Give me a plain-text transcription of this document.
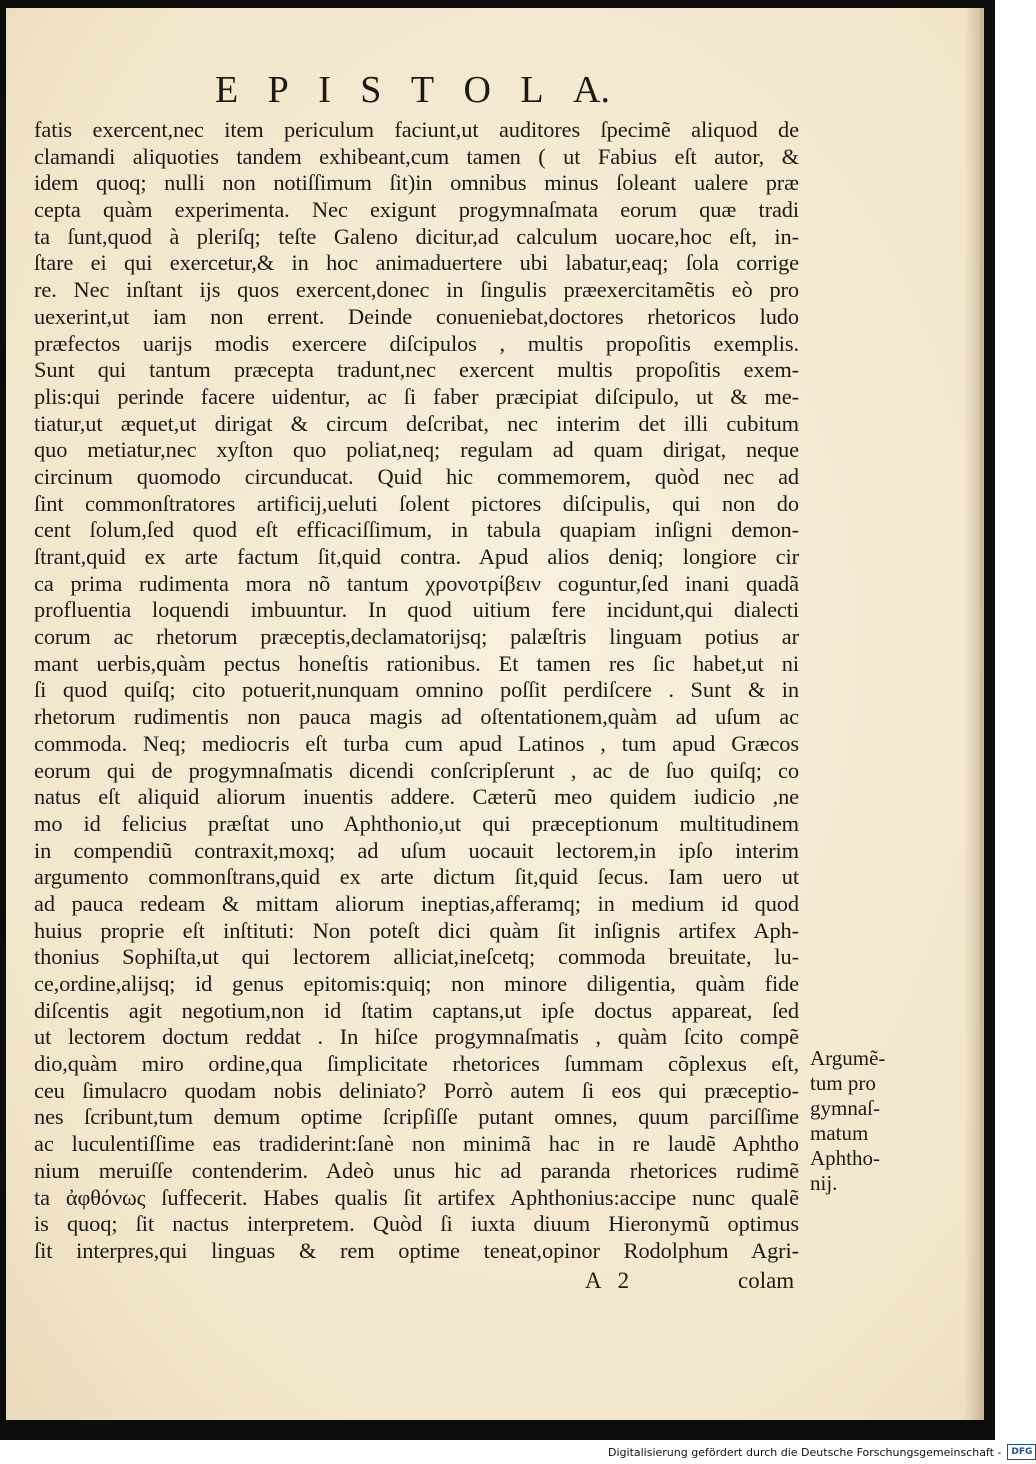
E P I S T O L A.
fatis exercent,nec item periculum faciunt,ut auditores ſpecimẽ aliquod de
clamandi aliquoties tandem exhibeant,cum tamen ( ut Fabius eſt autor, &
idem quoq; nulli non notiſſimum ſit)in omnibus minus ſoleant ualere præ
cepta quàm experimenta. Nec exigunt progymnaſmata eorum quæ tradi
ta ſunt,quod à pleriſq; teſte Galeno dicitur,ad calculum uocare,hoc eſt, in-
ſtare ei qui exercetur,& in hoc animaduertere ubi labatur,eaq; ſola corrige
re. Nec inſtant ijs quos exercent,donec in ſingulis præexercitamẽtis eò pro
uexerint,ut iam non errent. Deinde conueniebat,doctores rhetoricos ludo
præfectos uarijs modis exercere diſcipulos , multis propoſitis exemplis.
Sunt qui tantum præcepta tradunt,nec exercent multis propoſitis exem-
plis:qui perinde facere uidentur, ac ſi faber præcipiat diſcipulo, ut & me-
tiatur,ut æquet,ut dirigat & circum deſcribat, nec interim det illi cubitum
quo metiatur,nec xyſton quo poliat,neq; regulam ad quam dirigat, neque
circinum quomodo circunducat. Quid hic commemorem, quòd nec ad
ſint commonſtratores artificij,ueluti ſolent pictores diſcipulis, qui non do
cent ſolum,ſed quod eſt efficaciſſimum, in tabula quapiam inſigni demon-
ſtrant,quid ex arte factum ſit,quid contra. Apud alios deniq; longiore cir
ca prima rudimenta mora nõ tantum χρονοτρίβειν coguntur,ſed inani quadã
profluentia loquendi imbuuntur. In quod uitium fere incidunt,qui dialecti
corum ac rhetorum præceptis,declamatorijsq; palæſtris linguam potius ar
mant uerbis,quàm pectus honeſtis rationibus. Et tamen res ſic habet,ut ni
ſi quod quiſq; cito potuerit,nunquam omnino poſſit perdiſcere . Sunt & in
rhetorum rudimentis non pauca magis ad oſtentationem,quàm ad uſum ac
commoda. Neq; mediocris eſt turba cum apud Latinos , tum apud Græcos
eorum qui de progymnaſmatis dicendi conſcripſerunt , ac de ſuo quiſq; co
natus eſt aliquid aliorum inuentis addere. Cæterũ meo quidem iudicio ,ne
mo id felicius præſtat uno Aphthonio,ut qui præceptionum multitudinem
in compendiũ contraxit,moxq; ad uſum uocauit lectorem,in ipſo interim
argumento commonſtrans,quid ex arte dictum ſit,quid ſecus. Iam uero ut
ad pauca redeam & mittam aliorum ineptias,afferamq; in medium id quod
huius proprie eſt inſtituti: Non poteſt dici quàm ſit inſignis artifex Aph-
thonius Sophiſta,ut qui lectorem alliciat,ineſcetq; commoda breuitate, lu-
ce,ordine,alijsq; id genus epitomis:quiq; non minore diligentia, quàm fide
diſcentis agit negotium,non id ſtatim captans,ut ipſe doctus appareat, ſed
ut lectorem doctum reddat . In hiſce progymnaſmatis , quàm ſcito compẽ
dio,quàm miro ordine,qua ſimplicitate rhetorices ſummam cõplexus eſt,
ceu ſimulacro quodam nobis deliniato? Porrò autem ſi eos qui præceptio-
nes ſcribunt,tum demum optime ſcripſiſſe putant omnes, quum parciſſime
ac luculentiſſime eas tradiderint:ſanè non minimã hac in re laudẽ Aphtho
nium meruiſſe contenderim. Adeò unus hic ad paranda rhetorices rudimẽ
ta ἀφθόνως ſuffecerit. Habes qualis ſit artifex Aphthonius:accipe nunc qualẽ
is quoq; ſit nactus interpretem. Quòd ſi iuxta diuum Hieronymũ optimus
ſit interpres,qui linguas & rem optime teneat,opinor Rodolphum Agri-
Argumẽ-
tum pro
gymnaſ-
matum
Aphtho-
nij.
A   2	colam
Digitalisierung gefördert durch die Deutsche Forschungsgemeinschaft -	DFG
